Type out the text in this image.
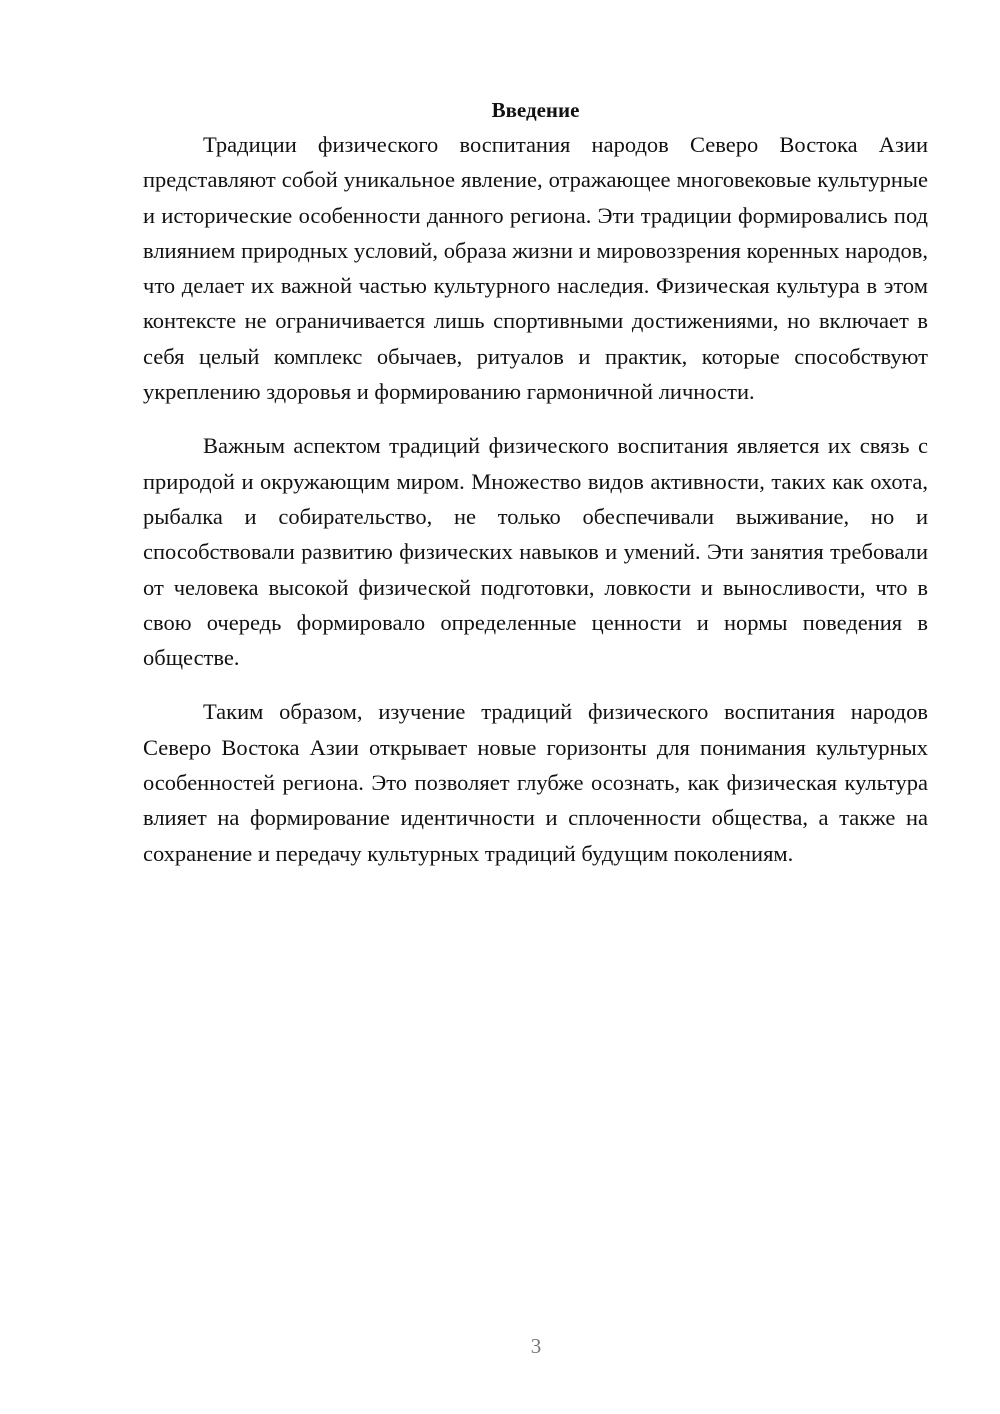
Введение

Традиции физического воспитания народов Северо Востока Азии представляют собой уникальное явление, отражающее многовековые культурные и исторические особенности данного региона. Эти традиции формировались под влиянием природных условий, образа жизни и мировоззрения коренных народов, что делает их важной частью культурного наследия. Физическая культура в этом контексте не ограничивается лишь спортивными достижениями, но включает в себя целый комплекс обычаев, ритуалов и практик, которые способствуют укреплению здоровья и формированию гармоничной личности.

Важным аспектом традиций физического воспитания является их связь с природой и окружающим миром. Множество видов активности, таких как охота, рыбалка и собирательство, не только обеспечивали выживание, но и способствовали развитию физических навыков и умений. Эти занятия требовали от человека высокой физической подготовки, ловкости и выносливости, что в свою очередь формировало определенные ценности и нормы поведения в обществе.

Таким образом, изучение традиций физического воспитания народов Северо Востока Азии открывает новые горизонты для понимания культурных особенностей региона. Это позволяет глубже осознать, как физическая культура влияет на формирование идентичности и сплоченности общества, а также на сохранение и передачу культурных традиций будущим поколениям.

3
